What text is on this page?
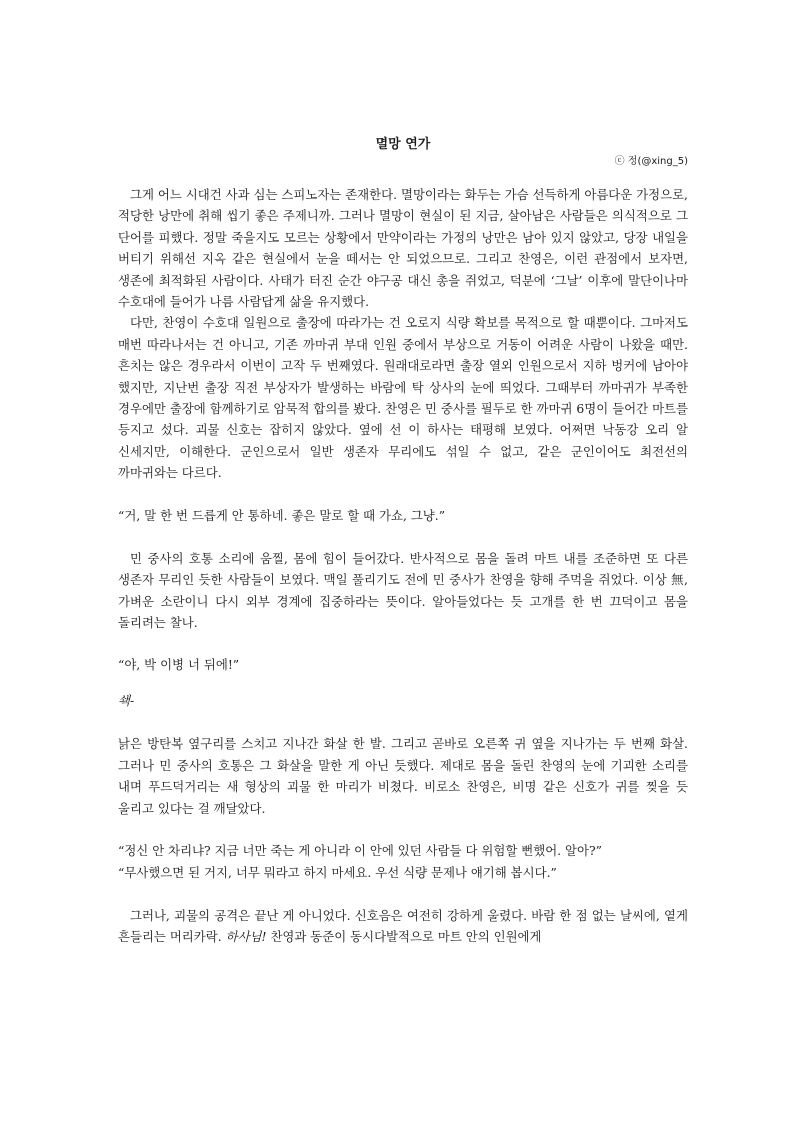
멸망 연가

ⓒ 정(@xing_5)

그게 어느 시대건 사과 심는 스피노자는 존재한다. 멸망이라는 화두는 가슴 선득하게 아름다운 가정으로, 적당한 낭만에 취해 씹기 좋은 주제니까. 그러나 멸망이 현실이 된 지금, 살아남은 사람들은 의식적으로 그 단어를 피했다. 정말 죽을지도 모르는 상황에서 만약이라는 가정의 낭만은 남아 있지 않았고, 당장 내일을 버티기 위해선 지옥 같은 현실에서 눈을 떼서는 안 되었으므로. 그리고 찬영은, 이런 관점에서 보자면, 생존에 최적화된 사람이다. 사태가 터진 순간 야구공 대신 총을 쥐었고, 덕분에 ‘그날’ 이후에 말단이나마 수호대에 들어가 나름 사람답게 삶을 유지했다.

다만, 찬영이 수호대 일원으로 출장에 따라가는 건 오로지 식량 확보를 목적으로 할 때뿐이다. 그마저도 매번 따라나서는 건 아니고, 기존 까마귀 부대 인원 중에서 부상으로 거동이 어려운 사람이 나왔을 때만. 흔치는 않은 경우라서 이번이 고작 두 번째였다. 원래대로라면 출장 열외 인원으로서 지하 벙커에 남아야 했지만, 지난번 출장 직전 부상자가 발생하는 바람에 탁 상사의 눈에 띄었다. 그때부터 까마귀가 부족한 경우에만 출장에 함께하기로 암묵적 합의를 봤다. 찬영은 민 중사를 필두로 한 까마귀 6명이 들어간 마트를 등지고 섰다. 괴물 신호는 잡히지 않았다. 옆에 선 이 하사는 태평해 보였다. 어쩌면 낙동강 오리 알 신세지만, 이해한다. 군인으로서 일반 생존자 무리에도 섞일 수 없고, 같은 군인이어도 최전선의 까마귀와는 다르다.

“거, 말 한 번 드릅게 안 통하네. 좋은 말로 할 때 가쇼, 그냥.”

민 중사의 호통 소리에 움찔, 몸에 힘이 들어갔다. 반사적으로 몸을 돌려 마트 내를 조준하면 또 다른 생존자 무리인 듯한 사람들이 보였다. 맥일 풀리기도 전에 민 중사가 찬영을 향해 주먹을 쥐었다. 이상 無, 가벼운 소란이니 다시 외부 경계에 집중하라는 뜻이다. 알아들었다는 듯 고개를 한 번 끄덕이고 몸을 돌리려는 찰나.

“야, 박 이병 너 뒤에!”

쇅-

낡은 방탄복 옆구리를 스치고 지나간 화살 한 발. 그리고 곧바로 오른쪽 귀 옆을 지나가는 두 번째 화살. 그러나 민 중사의 호통은 그 화살을 말한 게 아닌 듯했다. 제대로 몸을 돌린 찬영의 눈에 기괴한 소리를 내며 푸드덕거리는 새 형상의 괴물 한 마리가 비쳤다. 비로소 찬영은, 비명 같은 신호가 귀를 찢을 듯 울리고 있다는 걸 깨달았다.

“정신 안 차리냐? 지금 너만 죽는 게 아니라 이 안에 있던 사람들 다 위험할 뻔했어. 알아?”

“무사했으면 된 거지, 너무 뭐라고 하지 마세요. 우선 식량 문제나 얘기해 봅시다.”

그러나, 괴물의 공격은 끝난 게 아니었다. 신호음은 여전히 강하게 울렸다. 바람 한 점 없는 날씨에, 옅게 흔들리는 머리카락. 하사님! 찬영과 동준이 동시다발적으로 마트 안의 인원에게
